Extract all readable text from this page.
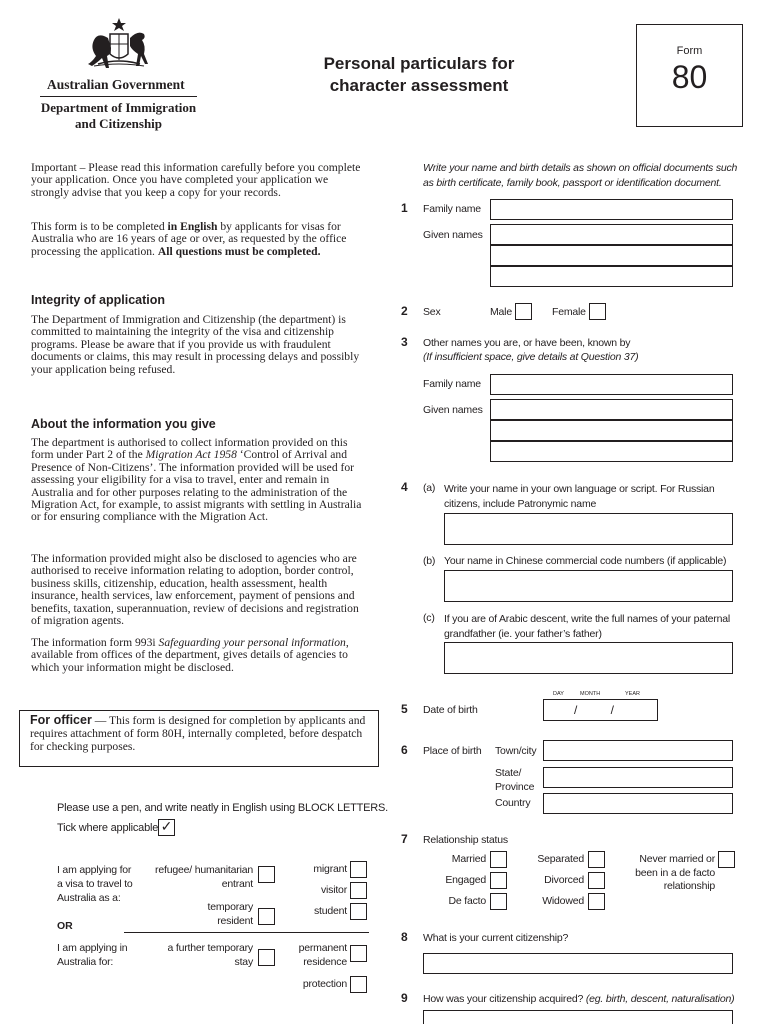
Australian Government
Department of Immigration
and Citizenship
Personal particulars for
character assessment
Form
80
Important – Please read this information carefully before you complete your application. Once you have completed your application we strongly advise that you keep a copy for your records.
This form is to be completed in English by applicants for visas for Australia who are 16 years of age or over, as requested by the office processing the application. All questions must be completed.
Integrity of application
The Department of Immigration and Citizenship (the department) is committed to maintaining the integrity of the visa and citizenship programs. Please be aware that if you provide us with fraudulent documents or claims, this may result in processing delays and possibly your application being refused.
About the information you give
The department is authorised to collect information provided on this form under Part 2 of the Migration Act 1958 ‘Control of Arrival and Presence of Non-Citizens’. The information provided will be used for assessing your eligibility for a visa to travel, enter and remain in Australia and for other purposes relating to the administration of the Migration Act, for example, to assist migrants with settling in Australia or for ensuring compliance with the Migration Act.
The information provided might also be disclosed to agencies who are authorised to receive information relating to adoption, border control, business skills, citizenship, education, health assessment, health insurance, health services, law enforcement, payment of pensions and benefits, taxation, superannuation, review of decisions and registration of migration agents.
The information form 993i Safeguarding your personal information, available from offices of the department, gives details of agencies to which your information might be disclosed.
For officer — This form is designed for completion by applicants and requires attachment of form 80H, internally completed, before despatch for checking purposes.
Please use a pen, and write neatly in English using BLOCK LETTERS.
Tick where applicable ✓
I am applying for a visa to travel to Australia as a:
refugee/ humanitarian entrant
migrant
visitor
temporary resident
student
OR
I am applying in Australia for:
a further temporary stay
permanent residence
protection
Write your name and birth details as shown on official documents such as birth certificate, family book, passport or identification document.
1 Family name
Given names
2 Sex	Male	Female
3 Other names you are, or have been, known by
(If insufficient space, give details at Question 37)
Family name
Given names
4 (a) Write your name in your own language or script. For Russian citizens, include Patronymic name
(b) Your name in Chinese commercial code numbers (if applicable)
(c) If you are of Arabic descent, write the full names of your paternal grandfather (ie. your father’s father)
DAY	MONTH	YEAR
5 Date of birth	/          /
6 Place of birth Town/city
State/
Province
Country
7 Relationship status
Married
Engaged
De facto
Separated
Divorced
Widowed
Never married or been in a de facto relationship
8 What is your current citizenship?
9 How was your citizenship acquired? (eg. birth, descent, naturalisation)
